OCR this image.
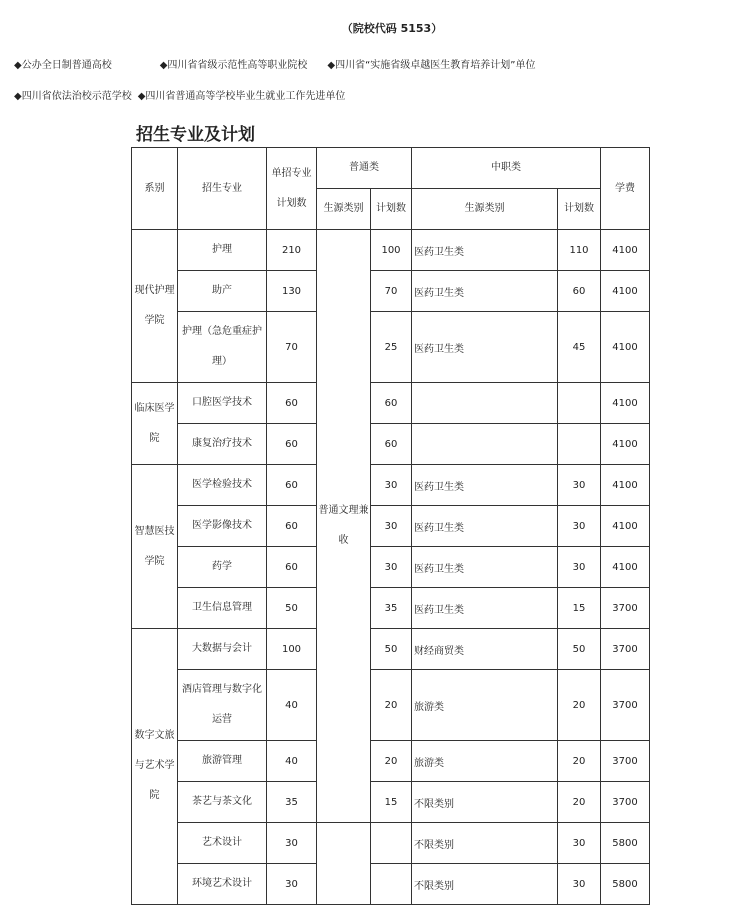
（院校代码 5153）
◆公办全日制普通高校	◆四川省省级示范性高等职业院校 ◆四川省“实施省级卓越医生教育培养计划”单位
◆四川省依法治校示范学校 ◆四川省普通高等学校毕业生就业工作先进单位
招生专业及计划
系别	招生专业	单招专业
计划数	普通类		中职类		学费
			生源类别	计划数	生源类别	计划数	
现代护理学院	护理	210	普通文理兼收	100	医药卫生类	110	4100
	助产	130		70	医药卫生类	60	4100
	护理（急危重症护理）	70		25	医药卫生类	45	4100
临床医学院	口腔医学技术	60		60			4100
	康复治疗技术	60		60			4100
智慧医技学院	医学检验技术	60		30	医药卫生类	30	4100
	医学影像技术	60		30	医药卫生类	30	4100
	药学	60		30	医药卫生类	30	4100
	卫生信息管理	50		35	医药卫生类	15	3700
数字文旅与艺术学院	大数据与会计	100		50	财经商贸类	50	3700
	酒店管理与数字化运营	40		20	旅游类	20	3700
	旅游管理	40		20	旅游类	20	3700
	茶艺与茶文化	35		15	不限类别	20	3700
	艺术设计	30			不限类别	30	5800
	环境艺术设计	30			不限类别	30	5800
